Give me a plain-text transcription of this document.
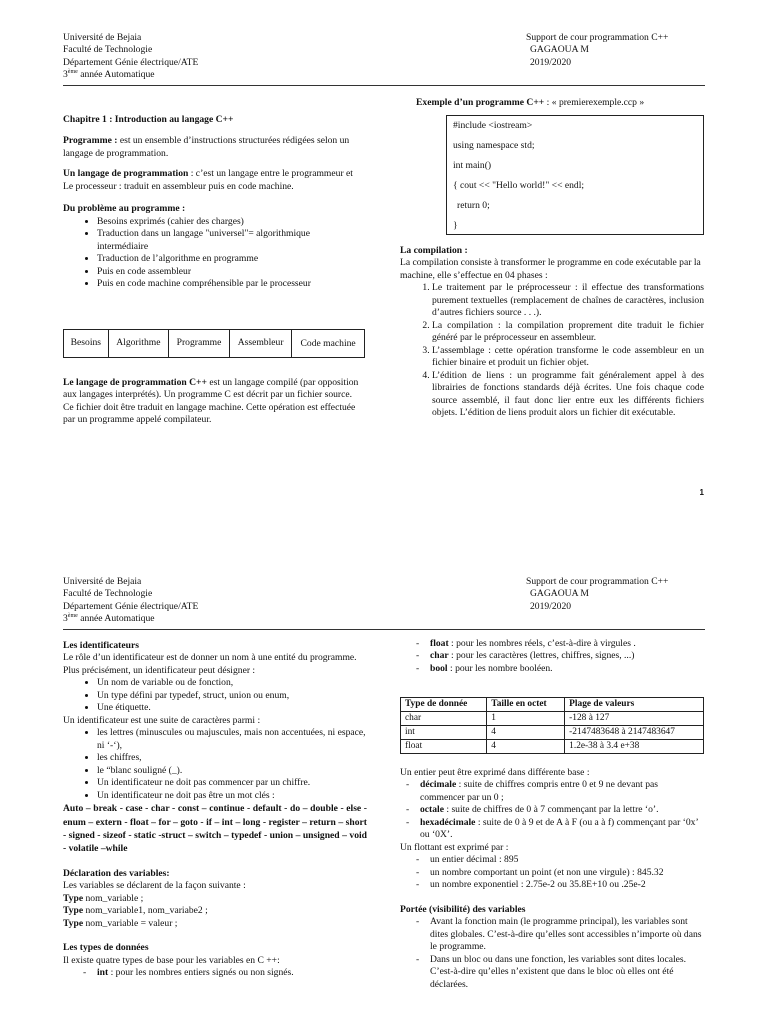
Université de Bejaia
Faculté de Technologie
Département Génie électrique/ATE
3ème année Automatique
Support de cour programmation C++
GAGAOUA M
2019/2020

Chapitre 1 : Introduction au langage C++

Programme : est un ensemble d’instructions structurées rédigées selon un langage de programmation.

Un langage de programmation : c’est un langage entre le programmeur et Le processeur : traduit en assembleur puis en code machine.

Du problème au programme :

• Besoins exprimés (cahier des charges)
• Traduction dans un langage "universel"= algorithmique intermédiaire
• Traduction de l’algorithme en programme
• Puis en code assembleur
• Puis en code machine compréhensible par le processeur
Besoins	Algorithme	Programme	Assembleur	Code machine

Le langage de programmation C++ est un langage compilé (par opposition aux langages interprétés). Un programme C est décrit par un fichier source. Ce fichier doit être traduit en langage machine. Cette opération est effectuée par un programme appelé compilateur.

Exemple d’un programme C++ : « premierexemple.ccp »

#include <iostream>
using namespace std;
int main()
{ cout << "Hello world!" << endl;
return 0;
}

La compilation :

La compilation consiste à transformer le programme en code exécutable par la machine, elle s’effectue en 04 phases :

1. Le traitement par le préprocesseur : il effectue des transformations purement textuelles (remplacement de chaînes de caractères, inclusion d’autres fichiers source . . .).
2. La compilation : la compilation proprement dite traduit le fichier généré par le préprocesseur en assembleur.
3. L’assemblage : cette opération transforme le code assembleur en un fichier binaire et produit un fichier objet.
4. L’édition de liens : un programme fait généralement appel à des librairies de fonctions standards déjà écrites. Une fois chaque code source assemblé, il faut donc lier entre eux les différents fichiers objets. L’édition de liens produit alors un fichier dit exécutable.
1
Université de Bejaia
Faculté de Technologie
Département Génie électrique/ATE
3ème année Automatique
Support de cour programmation C++
GAGAOUA M
2019/2020

Les identificateurs

Le rôle d’un identificateur est de donner un nom à une entité du programme. Plus précisément, un identificateur peut désigner :

• Un nom de variable ou de fonction,
• Un type défini par typedef, struct, union ou enum,
• Une étiquette.

Un identificateur est une suite de caractères parmi :

• les lettres (minuscules ou majuscules, mais non accentuées, ni espace, ni ‘-‘),
• les chiffres,
• le “blanc souligné (_).
• Un identificateur ne doit pas commencer par un chiffre.
• Un identificateur ne doit pas être un mot clés :

Auto – break - case - char - const – continue - default - do – double - else - enum – extern - float – for – goto - if – int – long - register – return – short - signed - sizeof - static -struct – switch – typedef - union – unsigned – void - volatile –while

Déclaration des variables:

Les variables se déclarent de la façon suivante :

Type nom_variable ;

Type nom_variable1, nom_variabe2 ;

Type nom_variable = valeur ;

Les types de données

Il existe quatre types de base pour les variables en C ++:

- int : pour les nombres entiers signés ou non signés.
- float : pour les nombres réels, c’est-à-dire à virgules .
- char : pour les caractères (lettres, chiffres, signes, ...)
- bool : pour les nombre booléen.
Type de donnée	Taille en octet	Plage de valeurs
char	1	-128 à 127
int	4	-2147483648 à 2147483647
float	4	1.2e-38 à 3.4 e+38

Un entier peut être exprimé dans différente base :

- décimale : suite de chiffres compris entre 0 et 9 ne devant pas commencer par un 0 ;
- octale : suite de chiffres de 0 à 7 commençant par la lettre ‘o’.
- hexadécimale : suite de 0 à 9 et de A à F (ou a à f) commençant par ‘0x’ ou ‘0X’.

Un flottant est exprimé par :

- un entier décimal : 895
- un nombre comportant un point (et non une virgule) : 845.32
- un nombre exponentiel : 2.75e-2 ou 35.8E+10 ou .25e-2

Portée (visibilité) des variables

- Avant la fonction main (le programme principal), les variables sont dites globales. C’est-à-dire qu’elles sont accessibles n’importe où dans le programme.
- Dans un bloc ou dans une fonction, les variables sont dites locales. C’est-à-dire qu’elles n’existent que dans le bloc où elles ont été déclarées.
